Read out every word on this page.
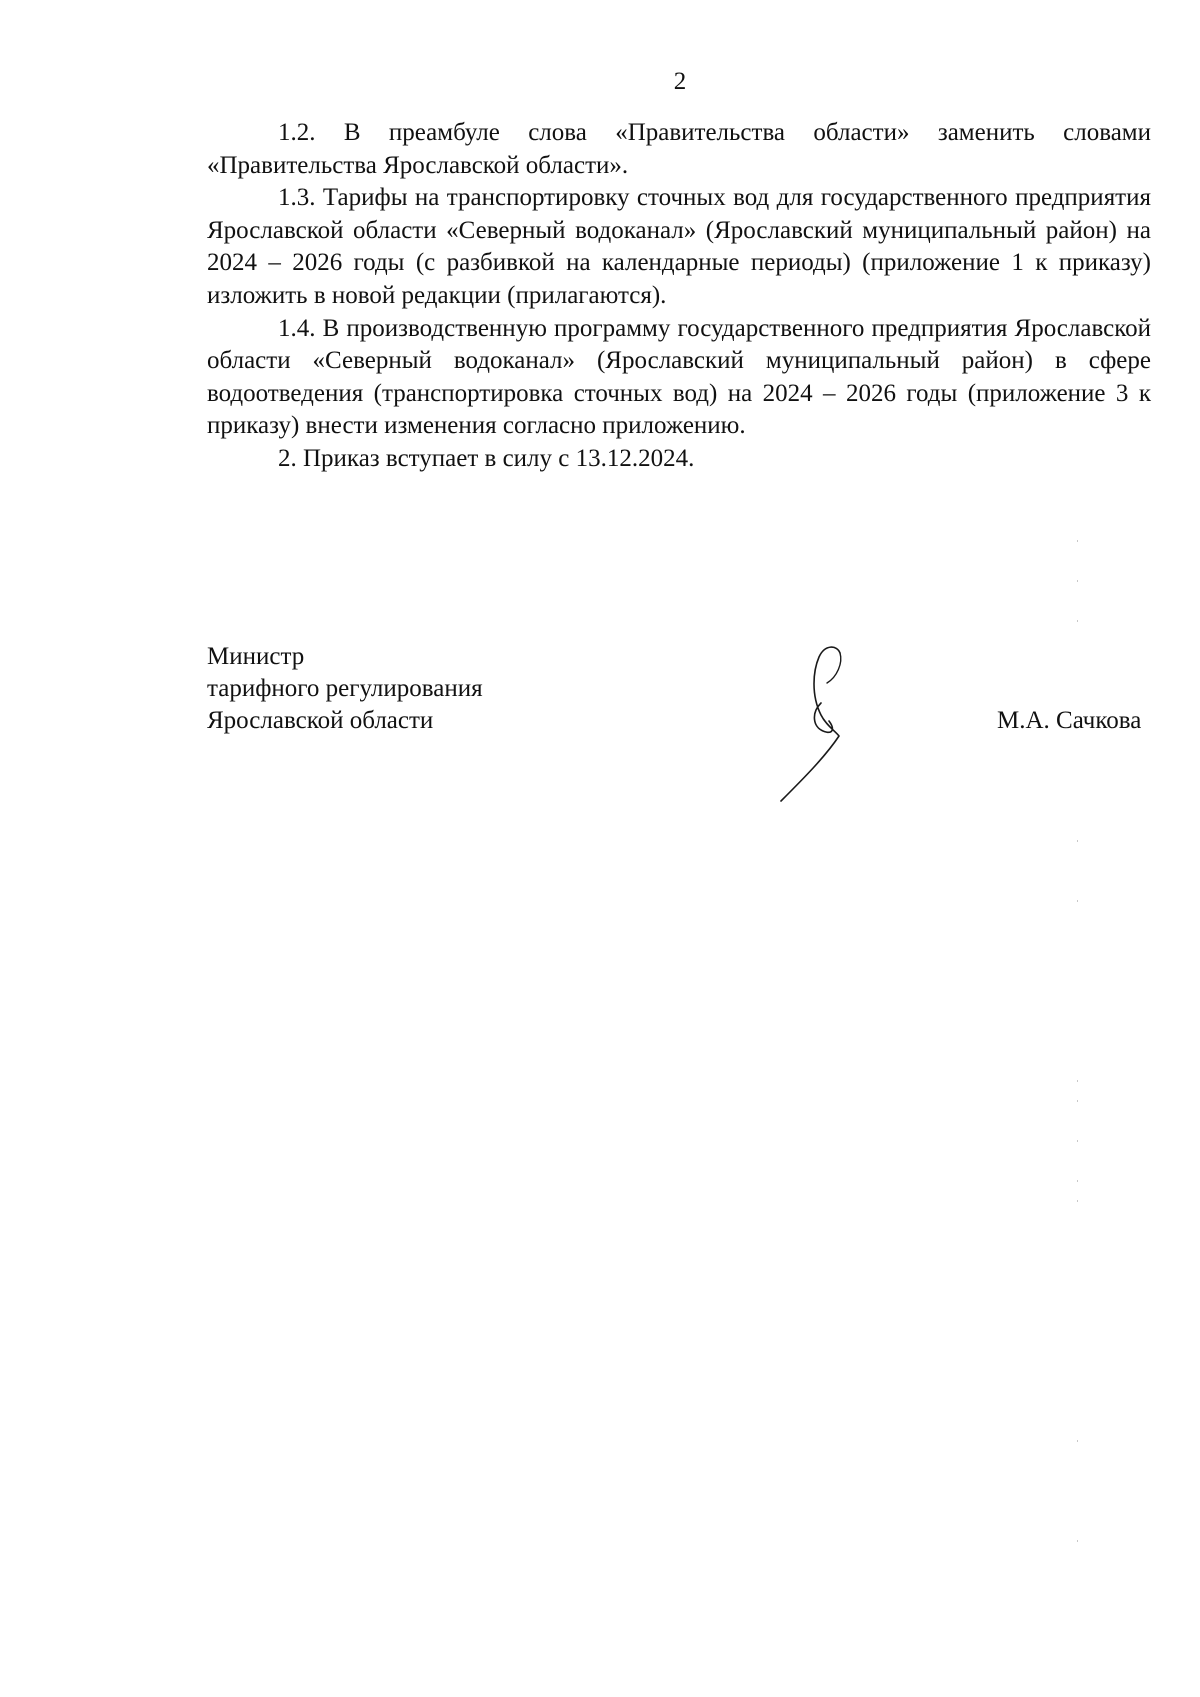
2

1.2. В преамбуле слова «Правительства области» заменить словами «Правительства Ярославской области».

1.3. Тарифы на транспортировку сточных вод для государственного предприятия Ярославской области «Северный водоканал» (Ярославский муниципальный район) на 2024 – 2026 годы (с разбивкой на календарные периоды) (приложение 1 к приказу) изложить в новой редакции (прилагаются).

1.4. В производственную программу государственного предприятия Ярославской области «Северный водоканал» (Ярославский муниципальный район) в сфере водоотведения (транспортировка сточных вод) на 2024 – 2026 годы (приложение 3 к приказу) внести изменения согласно приложению.

2. Приказ вступает в силу с 13.12.2024.

Министр
тарифного регулирования
Ярославской области	М.А. Сачкова
